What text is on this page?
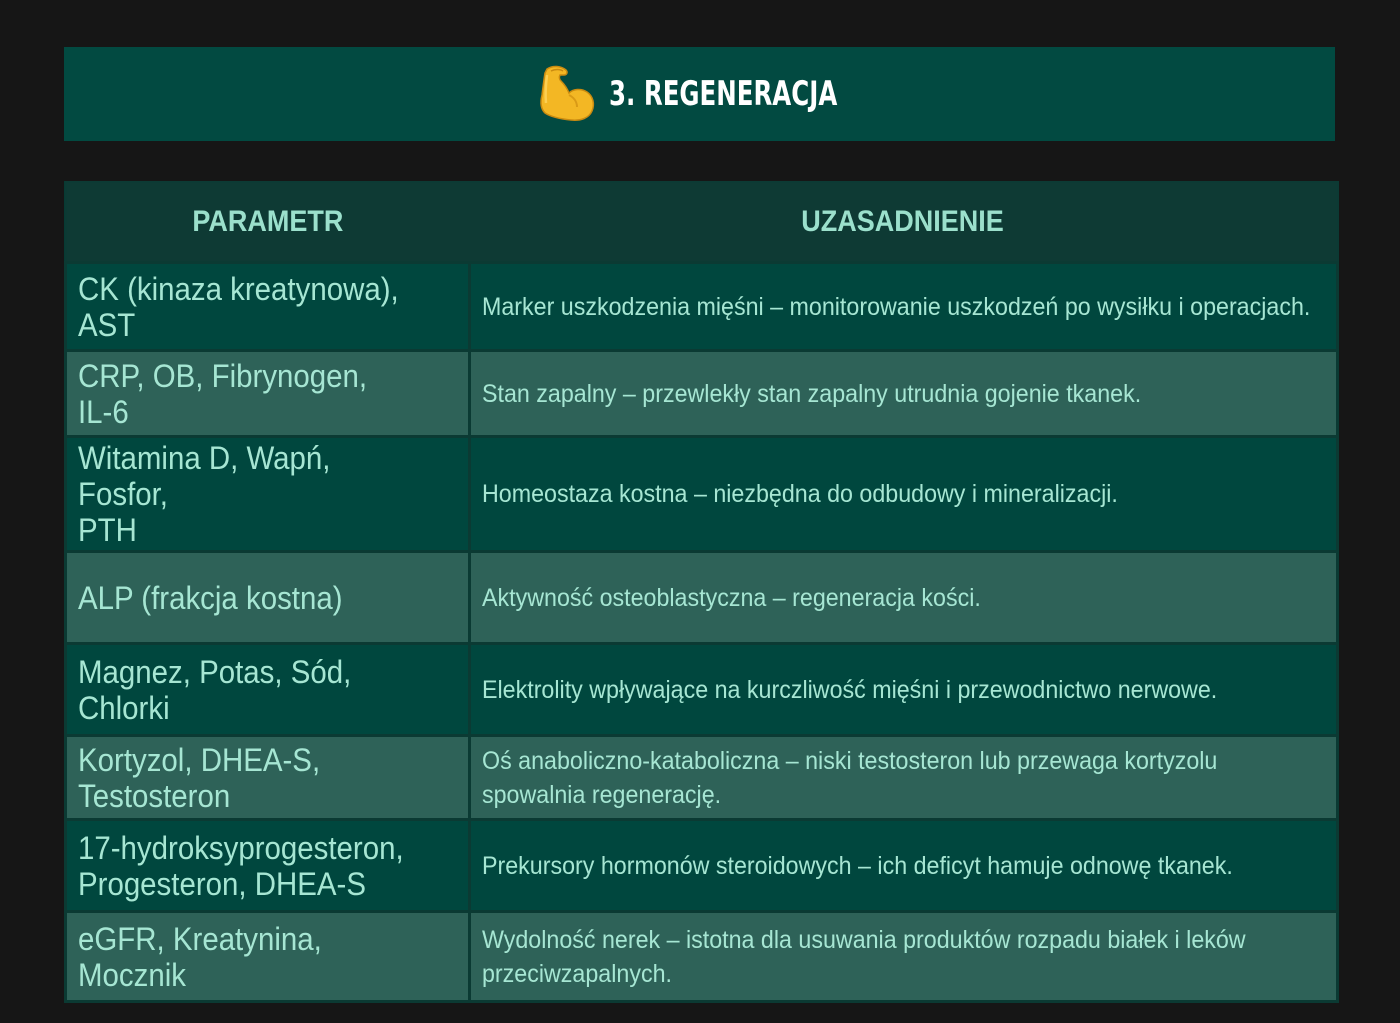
3. REGENERACJA
PARAMETR	UZASADNIENIE
CK (kinaza kreatynowa),
AST	Marker uszkodzenia mięśni – monitorowanie uszkodzeń po wysiłku i operacjach.
CRP, OB, Fibrynogen,
IL-6	Stan zapalny – przewlekły stan zapalny utrudnia gojenie tkanek.
Witamina D, Wapń, Fosfor,
PTH	Homeostaza kostna – niezbędna do odbudowy i mineralizacji.
ALP (frakcja kostna)	Aktywność osteoblastyczna – regeneracja kości.
Magnez, Potas, Sód,
Chlorki	Elektrolity wpływające na kurczliwość mięśni i przewodnictwo nerwowe.
Kortyzol, DHEA-S,
Testosteron	Oś anaboliczno-kataboliczna – niski testosteron lub przewaga kortyzolu spowalnia regenerację.
17-hydroksyprogesteron,
Progesteron, DHEA-S	Prekursory hormonów steroidowych – ich deficyt hamuje odnowę tkanek.
eGFR, Kreatynina,
Mocznik	Wydolność nerek – istotna dla usuwania produktów rozpadu białek i leków przeciwzapalnych.
